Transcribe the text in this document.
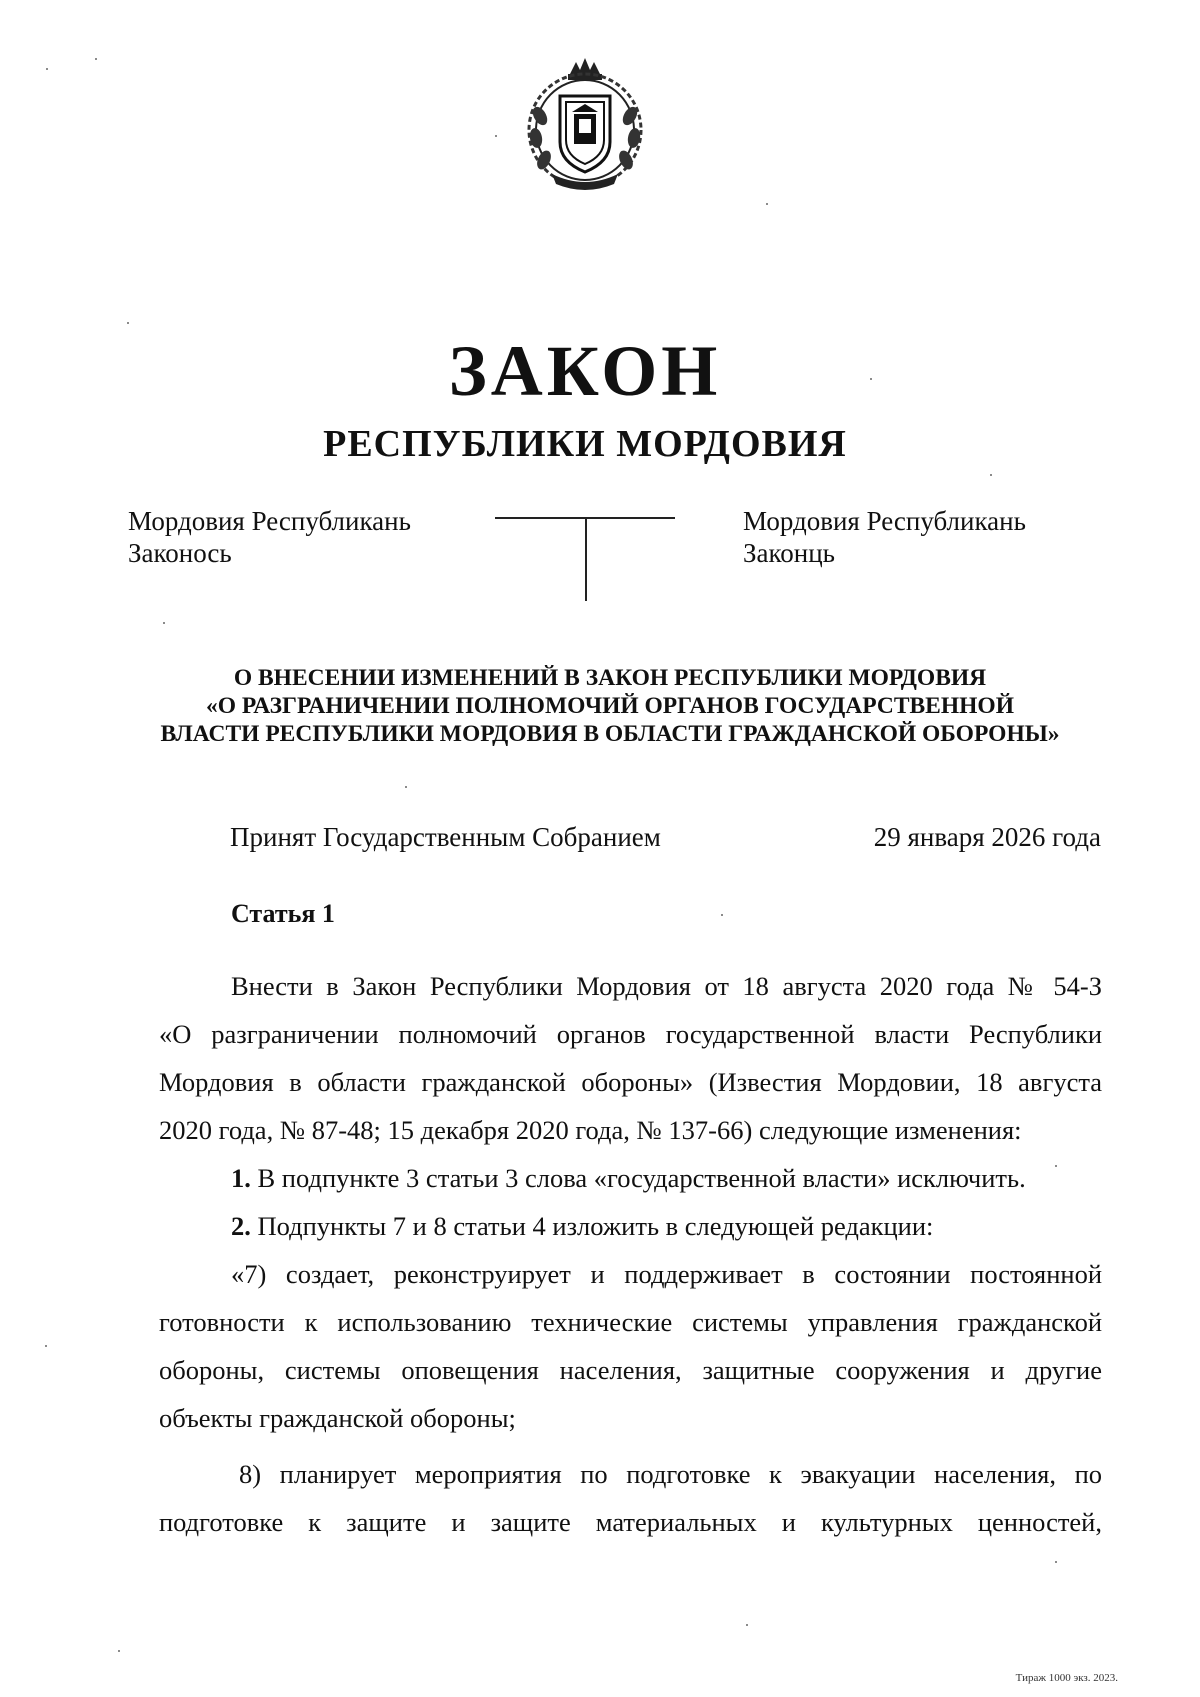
ЗАКОН
РЕСПУБЛИКИ МОРДОВИЯ
Мордовия Республикань
Законось
Мордовия Республикань
Законць
О ВНЕСЕНИИ ИЗМЕНЕНИЙ В ЗАКОН РЕСПУБЛИКИ МОРДОВИЯ
«О РАЗГРАНИЧЕНИИ ПОЛНОМОЧИЙ ОРГАНОВ ГОСУДАРСТВЕННОЙ
ВЛАСТИ РЕСПУБЛИКИ МОРДОВИЯ В ОБЛАСТИ ГРАЖДАНСКОЙ ОБОРОНЫ»
Принят Государственным Собранием	29 января 2026 года
Статья 1

Внести в Закон Республики Мордовия от 18 августа 2020 года № 54-З

«О разграничении полномочий органов государственной власти Республики

Мордовия в области гражданской обороны» (Известия Мордовии, 18 августа

2020 года, № 87-48; 15 декабря 2020 года, № 137-66) следующие изменения:

1. В подпункте 3 статьи 3 слова «государственной власти» исключить.

2. Подпункты 7 и 8 статьи 4 изложить в следующей редакции:

«7) создает, реконструирует и поддерживает в состоянии постоянной

готовности к использованию технические системы управления гражданской

обороны, системы оповещения населения, защитные сооружения и другие

объекты гражданской обороны;

8) планирует мероприятия по подготовке к эвакуации населения, по

подготовке к защите и защите материальных и культурных ценностей,

Тираж 1000 экз. 2023.
